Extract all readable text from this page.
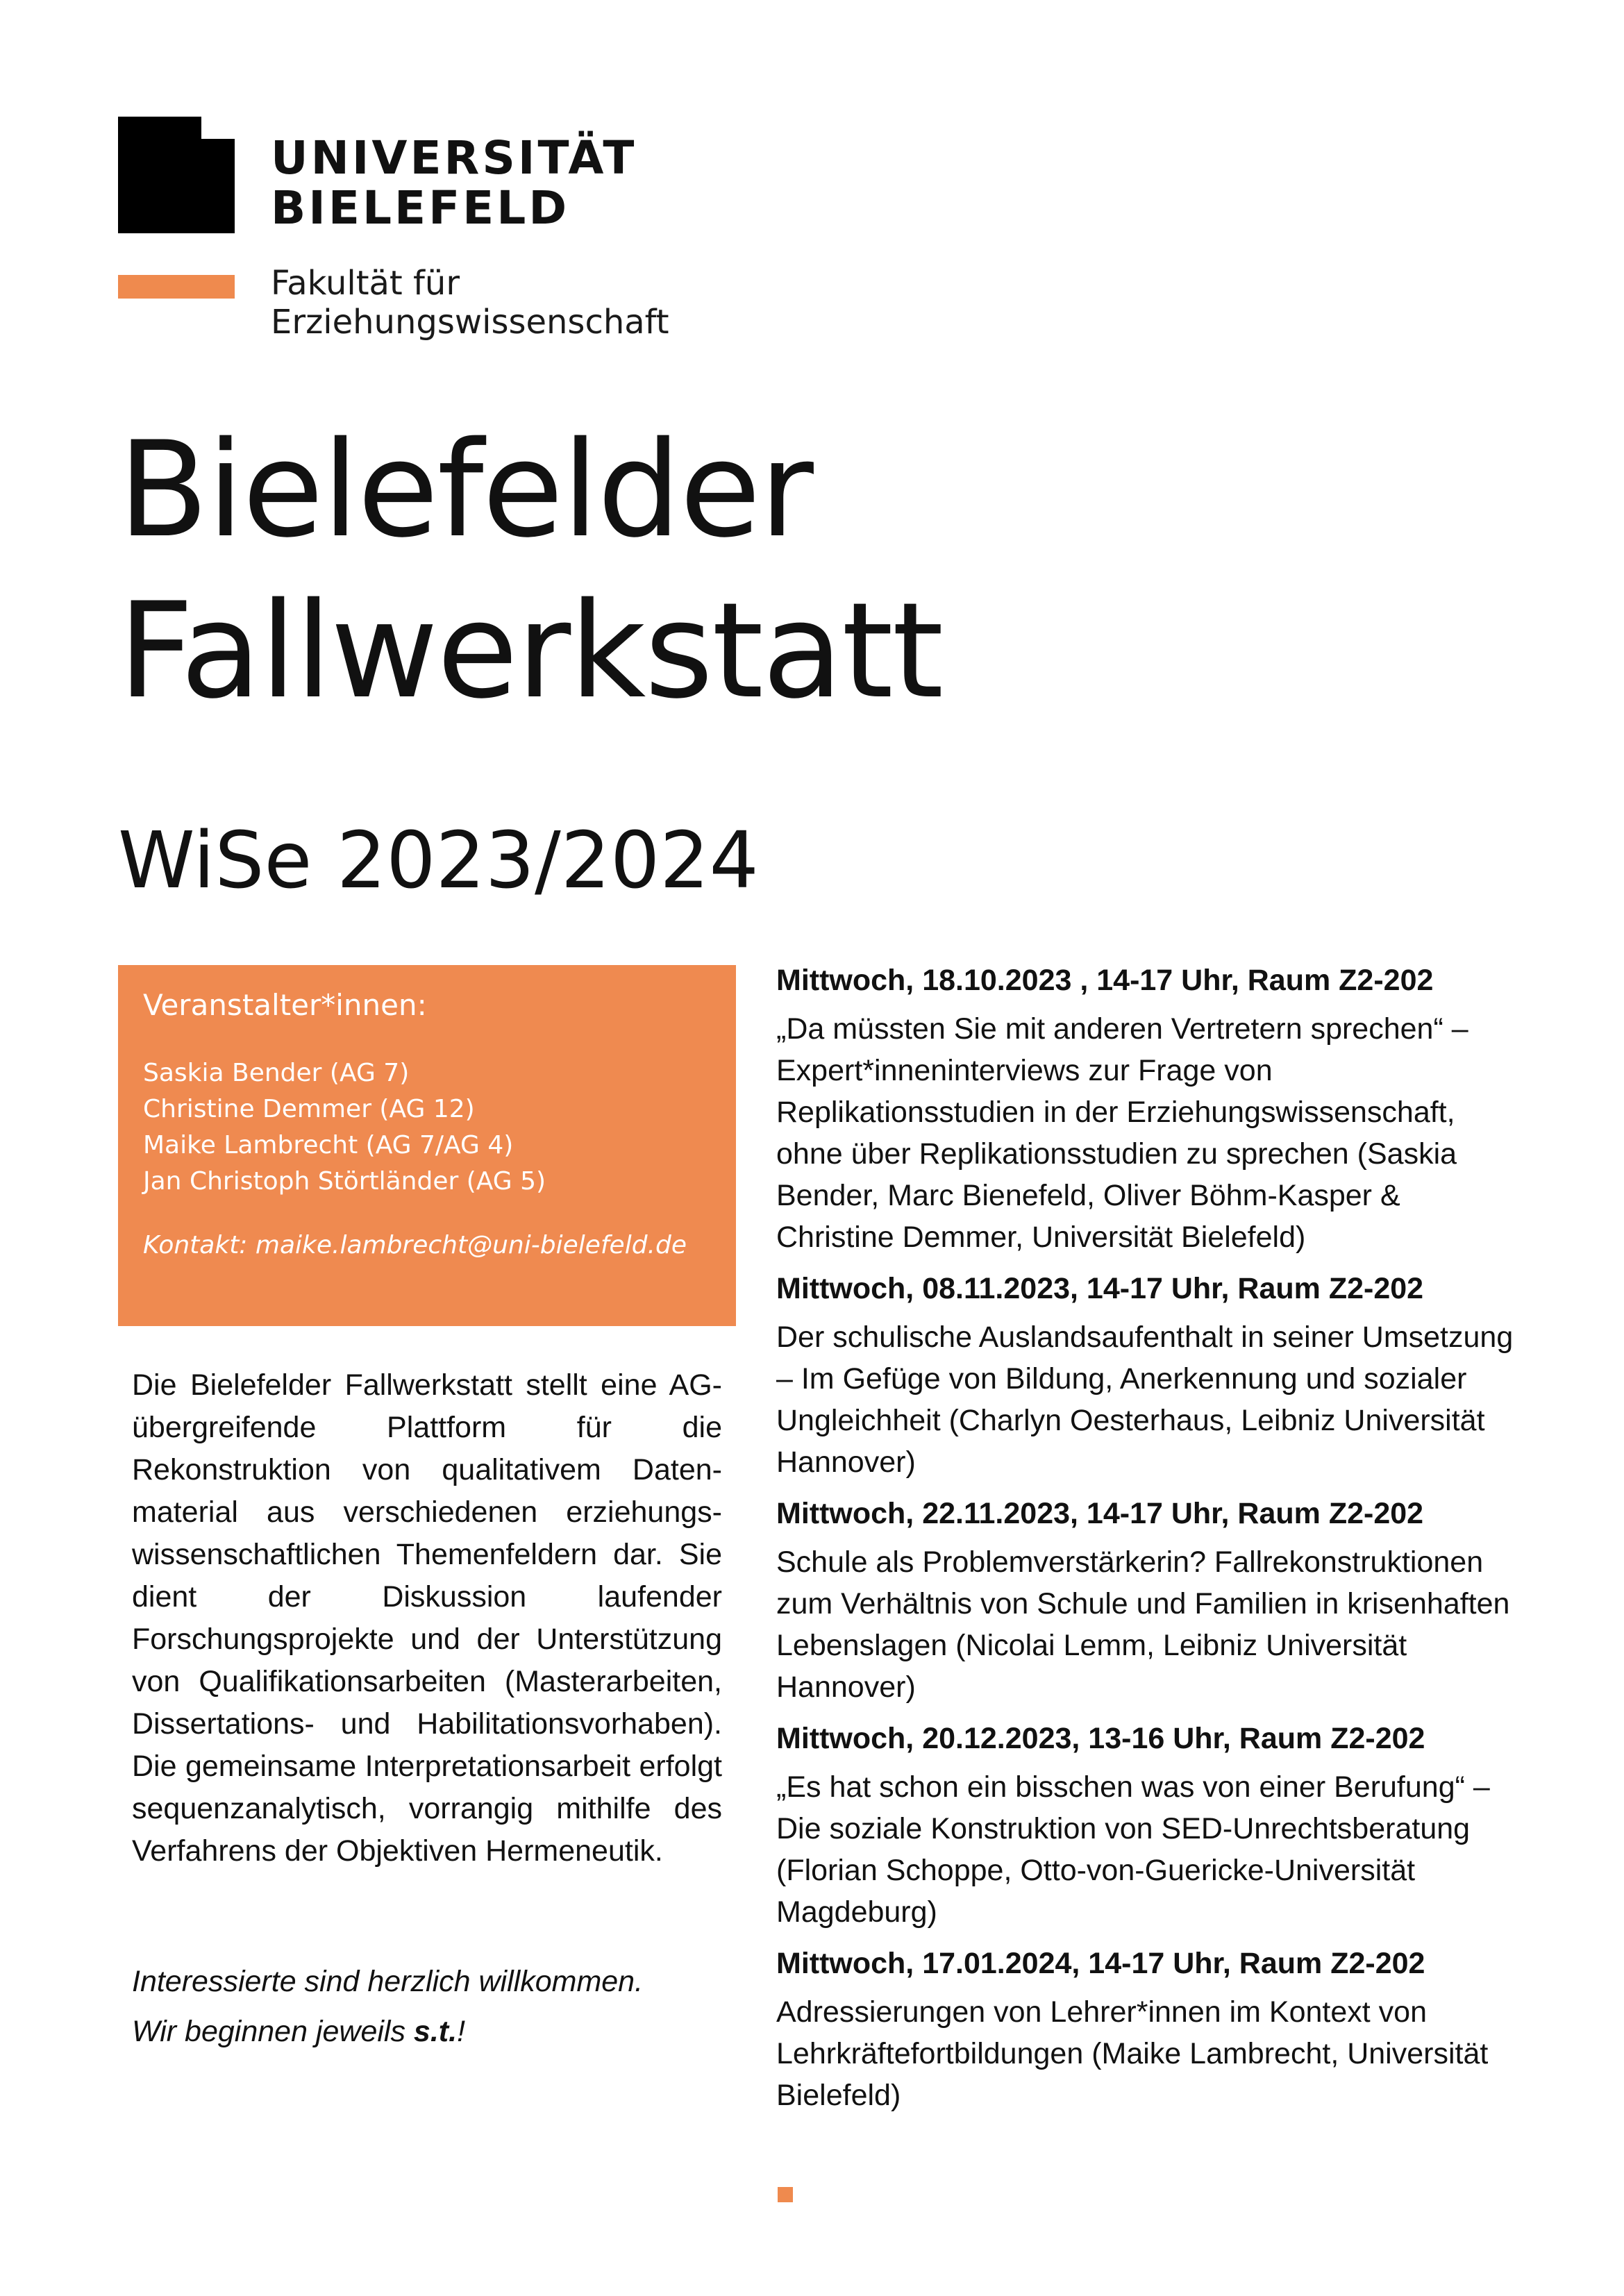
UNIVERSITÄT
BIELEFELD
Fakultät für
Erziehungswissenschaft
Bielefelder
Fallwerkstatt
WiSe 2023/2024
Veranstalter*innen:
Saskia Bender (AG 7)
Christine Demmer (AG 12)
Maike Lambrecht (AG 7/AG 4)
Jan Christoph Störtländer (AG 5)
Kontakt: maike.lambrecht@uni-bielefeld.de
Die Bielefelder Fallwerkstatt stellt eine AG-übergreifende Plattform für die Rekonstruktion von qualitativem Datenmaterial aus verschiedenen erziehungswissenschaftlichen Themenfeldern dar. Sie dient der Diskussion laufender Forschungsprojekte und der Unterstützung von Qualifikationsarbeiten (Masterarbeiten, Dissertations- und Habilitationsvorhaben). Die gemeinsame Interpretationsarbeit erfolgt sequenzanalytisch, vorrangig mithilfe des Verfahrens der Objektiven Hermeneutik.
Interessierte sind herzlich willkommen.
Wir beginnen jeweils s.t.!
Mittwoch, 18.10.2023 , 14-17 Uhr, Raum Z2-202
„Da müssten Sie mit anderen Vertretern sprechen“ – Expert*inneninterviews zur Frage von Replikationsstudien in der Erziehungswissenschaft, ohne über Replikationsstudien zu sprechen (Saskia Bender, Marc Bienefeld, Oliver Böhm-Kasper & Christine Demmer, Universität Bielefeld)
Mittwoch, 08.11.2023, 14-17 Uhr, Raum Z2-202
Der schulische Auslandsaufenthalt in seiner Umsetzung – Im Gefüge von Bildung, Anerkennung und sozialer Ungleichheit (Charlyn Oesterhaus, Leibniz Universität Hannover)
Mittwoch, 22.11.2023, 14-17 Uhr, Raum Z2-202
Schule als Problemverstärkerin? Fallrekonstruktionen zum Verhältnis von Schule und Familien in krisenhaften Lebenslagen (Nicolai Lemm, Leibniz Universität Hannover)
Mittwoch, 20.12.2023, 13-16 Uhr, Raum Z2-202
„Es hat schon ein bisschen was von einer Berufung“ – Die soziale Konstruktion von SED-Unrechtsberatung (Florian Schoppe, Otto-von-Guericke-Universität Magdeburg)
Mittwoch, 17.01.2024, 14-17 Uhr, Raum Z2-202
Adressierungen von Lehrer*innen im Kontext von Lehrkräftefortbildungen (Maike Lambrecht, Universität Bielefeld)
